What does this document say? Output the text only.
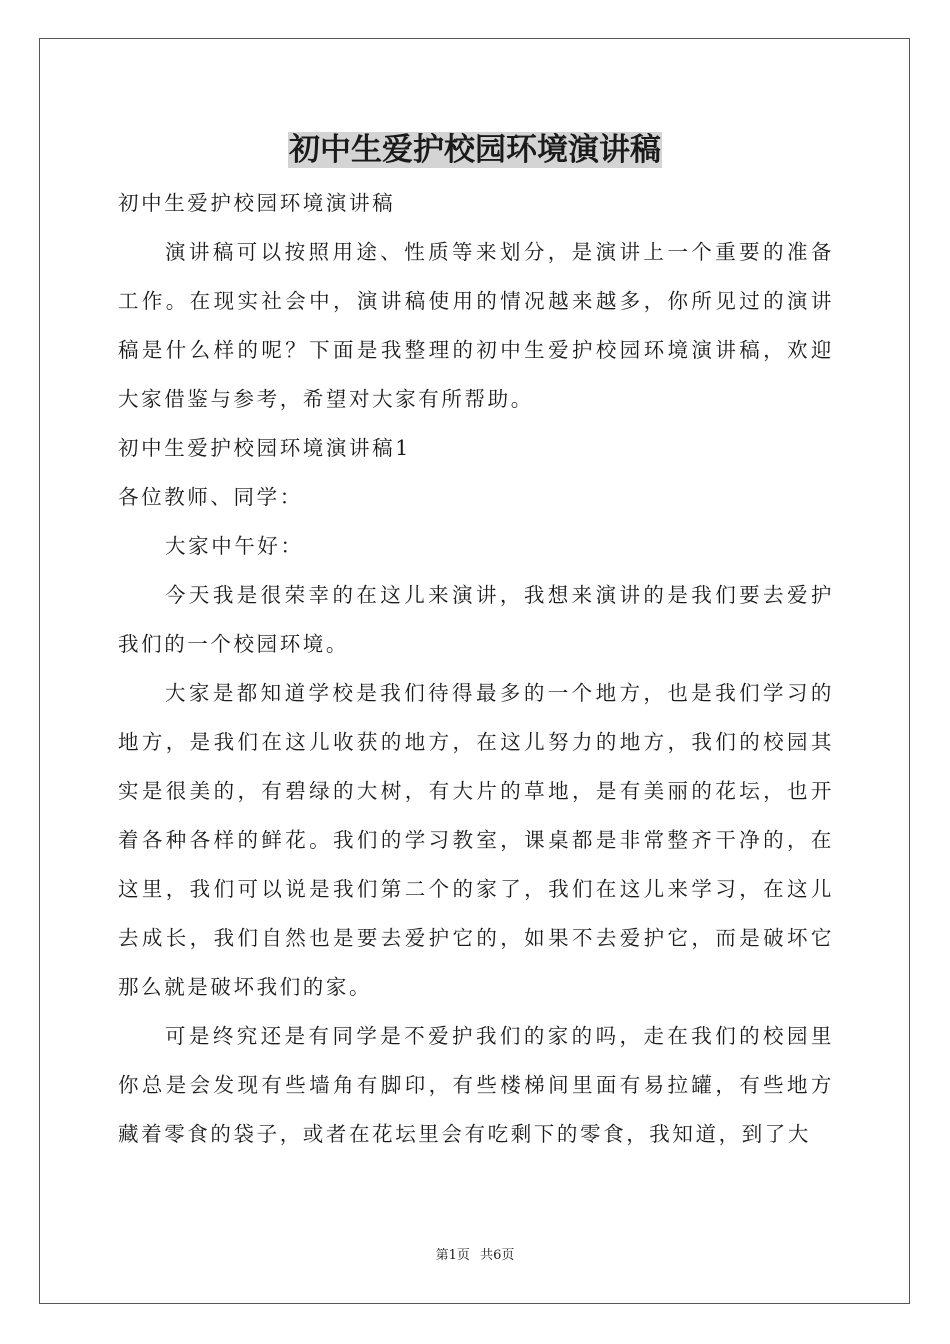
初中生爱护校园环境演讲稿

初中生爱护校园环境演讲稿

演讲稿可以按照用途、性质等来划分，是演讲上一个重要的准备工作。在现实社会中，演讲稿使用的情况越来越多，你所见过的演讲稿是什么样的呢？下面是我整理的初中生爱护校园环境演讲稿，欢迎大家借鉴与参考，希望对大家有所帮助。

初中生爱护校园环境演讲稿1

各位教师、同学：

大家中午好：

今天我是很荣幸的在这儿来演讲，我想来演讲的是我们要去爱护我们的一个校园环境。

大家是都知道学校是我们待得最多的一个地方，也是我们学习的地方，是我们在这儿收获的地方，在这儿努力的地方，我们的校园其实是很美的，有碧绿的大树，有大片的草地，是有美丽的花坛，也开着各种各样的鲜花。我们的学习教室，课桌都是非常整齐干净的，在这里，我们可以说是我们第二个的家了，我们在这儿来学习，在这儿去成长，我们自然也是要去爱护它的，如果不去爱护它，而是破坏它那么就是破坏我们的家。

可是终究还是有同学是不爱护我们的家的吗，走在我们的校园里你总是会发现有些墙角有脚印，有些楼梯间里面有易拉罐，有些地方藏着零食的袋子，或者在花坛里会有吃剩下的零食，我知道，到了大

第1页 共6页
